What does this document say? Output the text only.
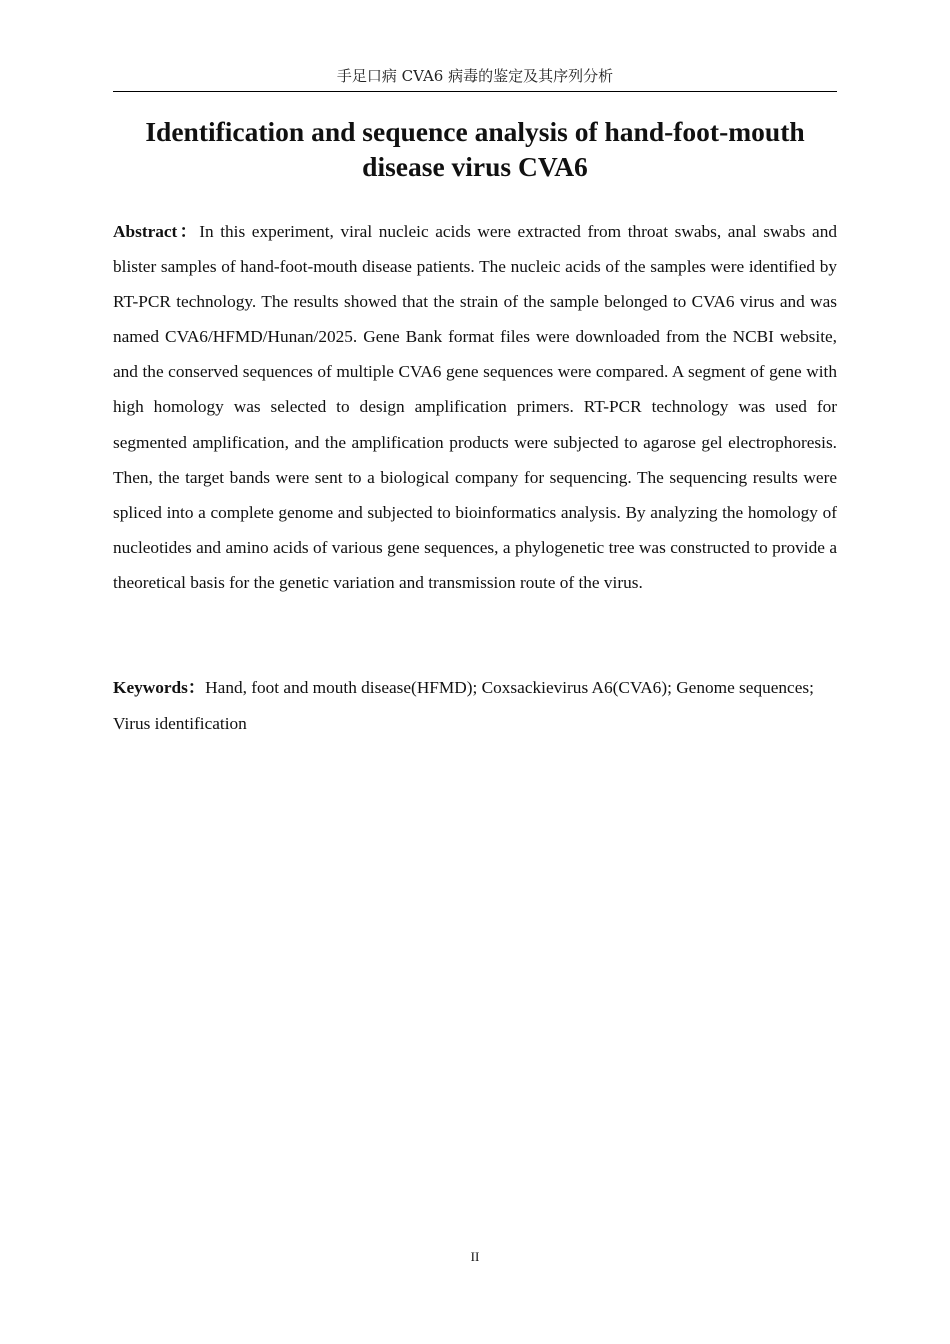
手足口病 CVA6 病毒的鉴定及其序列分析
Identification and sequence analysis of hand-foot-mouth disease virus CVA6

Abstract：In this experiment, viral nucleic acids were extracted from throat swabs, anal swabs and blister samples of hand-foot-mouth disease patients. The nucleic acids of the samples were identified by RT-PCR technology. The results showed that the strain of the sample belonged to CVA6 virus and was named CVA6/HFMD/Hunan/2025. Gene Bank format files were downloaded from the NCBI website, and the conserved sequences of multiple CVA6 gene sequences were compared. A segment of gene with high homology was selected to design amplification primers. RT-PCR technology was used for segmented amplification, and the amplification products were subjected to agarose gel electrophoresis. Then, the target bands were sent to a biological company for sequencing. The sequencing results were spliced into a complete genome and subjected to bioinformatics analysis. By analyzing the homology of nucleotides and amino acids of various gene sequences, a phylogenetic tree was constructed to provide a theoretical basis for the genetic variation and transmission route of the virus.

Keywords：Hand, foot and mouth disease(HFMD); Coxsackievirus A6(CVA6); Genome sequences; Virus identification

II
